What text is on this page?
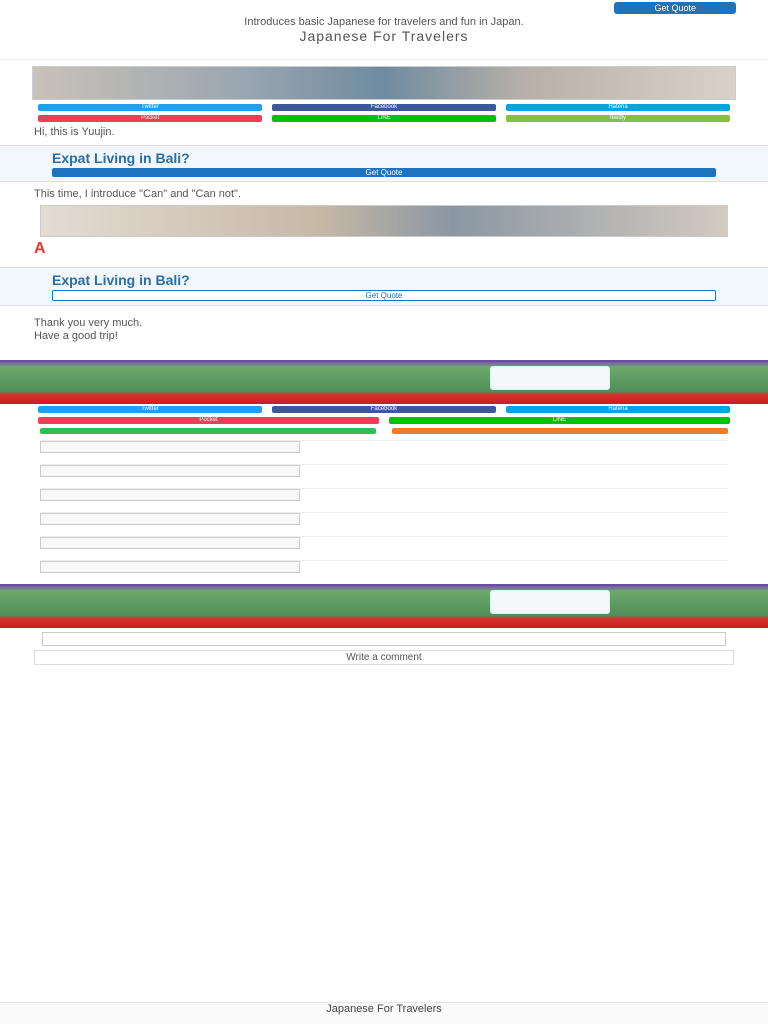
Get Quote
Introduces basic Japanese for travelers and fun in Japan.
Japanese For Travelers
Twitter	Facebook	Hatena
Pocket	LINE	feedly

Hi, this is Yuujin.

Expat Living in Bali?
Get Quote

This time, I introduce "Can" and "Can not".

A

Expat Living in Bali?
Get Quote

Thank you very much.

Have a good trip!

Twitter	Facebook	Hatena
Pocket	LINE
Write a comment
Japanese For Travelers
